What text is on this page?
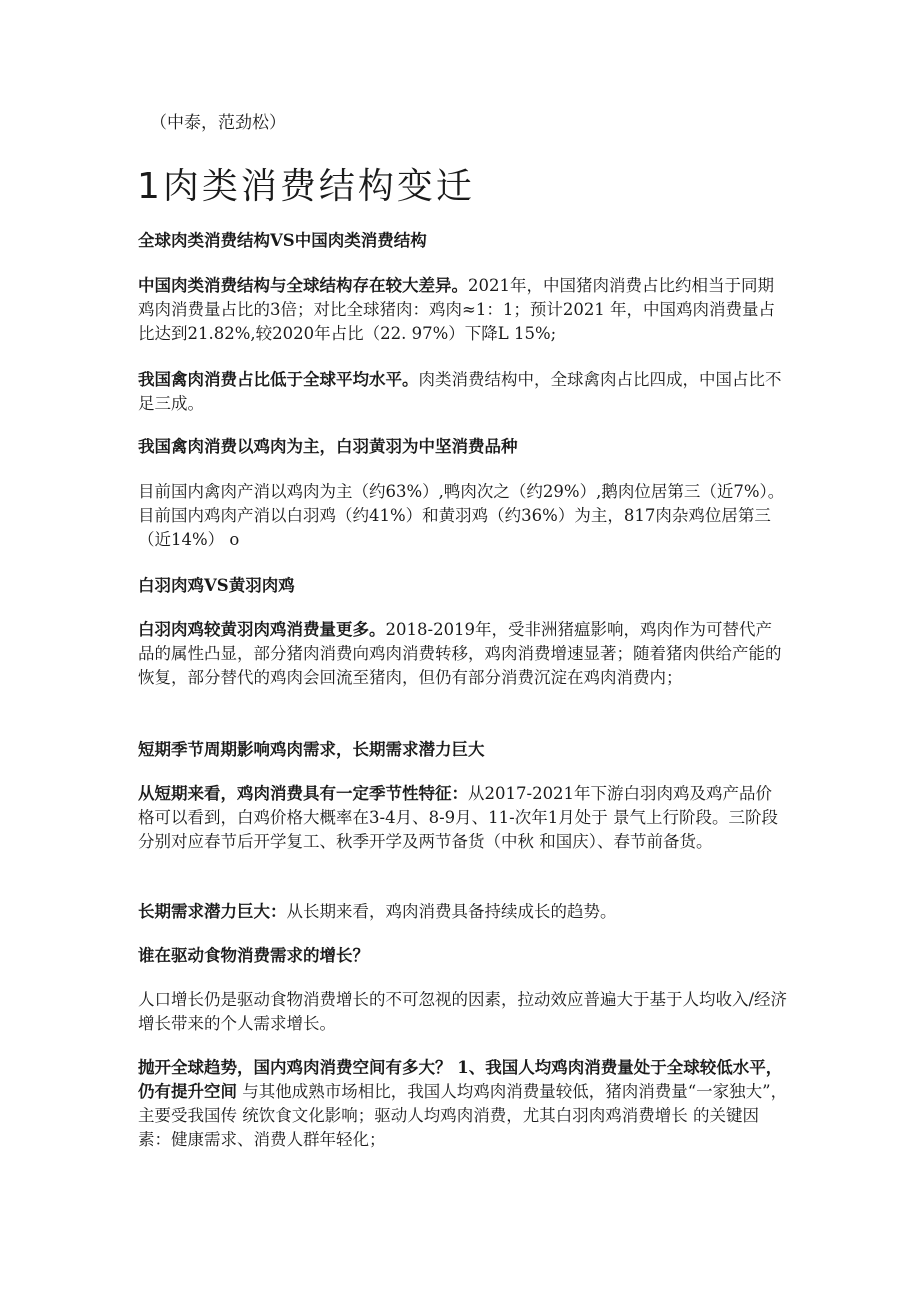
（中泰，范劲松）
1肉类消费结构变迁
全球肉类消费结构VS中国肉类消费结构
中国肉类消费结构与全球结构存在较大差异。2021年，中国猪肉消费占比约相当于同期鸡肉消费量占比的3倍；对比全球猪肉：鸡肉≈1：1；预计2021 年，中国鸡肉消费量占比达到21.82%,较2020年占比（22. 97%）下降L 15%;
我国禽肉消费占比低于全球平均水平。肉类消费结构中，全球禽肉占比四成，中国占比不足三成。
我国禽肉消费以鸡肉为主，白羽黄羽为中坚消费品种
目前国内禽肉产消以鸡肉为主（约63%）,鸭肉次之（约29%）,鹅肉位居第三（近7%）。目前国内鸡肉产消以白羽鸡（约41%）和黄羽鸡（约36%）为主，817肉杂鸡位居第三（近14%） o
白羽肉鸡VS黄羽肉鸡
白羽肉鸡较黄羽肉鸡消费量更多。2018-2019年，受非洲猪瘟影响，鸡肉作为可替代产品的属性凸显，部分猪肉消费向鸡肉消费转移，鸡肉消费增速显著；随着猪肉供给产能的恢复，部分替代的鸡肉会回流至猪肉，但仍有部分消费沉淀在鸡肉消费内；
短期季节周期影响鸡肉需求，长期需求潜力巨大
从短期来看，鸡肉消费具有一定季节性特征：从2017-2021年下游白羽肉鸡及鸡产品价格可以看到，白鸡价格大概率在3-4月、8-9月、11-次年1月处于 景气上行阶段。三阶段分别对应春节后开学复工、秋季开学及两节备货（中秋 和国庆）、春节前备货。
长期需求潜力巨大：从长期来看，鸡肉消费具备持续成长的趋势。
谁在驱动食物消费需求的增长？
人口增长仍是驱动食物消费增长的不可忽视的因素，拉动效应普遍大于基于人均收入/经济增长带来的个人需求增长。
抛开全球趋势，国内鸡肉消费空间有多大？ 1、我国人均鸡肉消费量处于全球较低水平，仍有提升空间 与其他成熟市场相比，我国人均鸡肉消费量较低，猪肉消费量“一家独大”， 主要受我国传 统饮食文化影响；驱动人均鸡肉消费，尤其白羽肉鸡消费增长 的关键因素：健康需求、消费人群年轻化；
